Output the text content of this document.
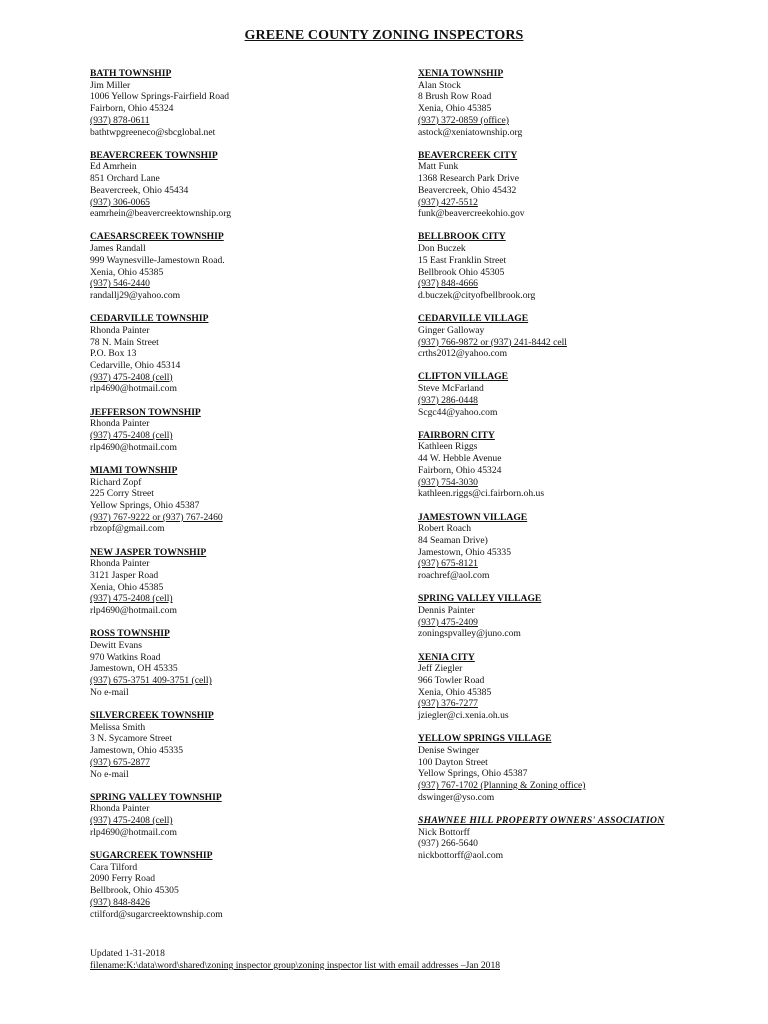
GREENE COUNTY ZONING INSPECTORS
BATH TOWNSHIP
Jim Miller
1006 Yellow Springs-Fairfield Road
Fairborn, Ohio 45324
(937) 878-0611
bathtwpgreeneco@sbcglobal.net
BEAVERCREEK TOWNSHIP
Ed Amrhein
851 Orchard Lane
Beavercreek, Ohio 45434
(937) 306-0065
eamrhein@beavercreektownship.org
CAESARSCREEK TOWNSHIP
James Randall
999 Waynesville-Jamestown Road.
Xenia, Ohio 45385
(937) 546-2440
randallj29@yahoo.com
CEDARVILLE TOWNSHIP
Rhonda Painter
78 N. Main Street
P.O. Box 13
Cedarville, Ohio 45314
(937) 475-2408 (cell)
rlp4690@hotmail.com
JEFFERSON TOWNSHIP
Rhonda Painter
(937) 475-2408 (cell)
rlp4690@hotmail.com
MIAMI TOWNSHIP
Richard Zopf
225 Corry Street
Yellow Springs, Ohio 45387
(937) 767-9222 or (937) 767-2460
rbzopf@gmail.com
NEW JASPER TOWNSHIP
Rhonda Painter
3121 Jasper Road
Xenia, Ohio 45385
(937) 475-2408 (cell)
rlp4690@hotmail.com
ROSS TOWNSHIP
Dewitt Evans
970 Watkins Road
Jamestown, OH 45335
(937) 675-3751 409-3751 (cell)
No e-mail
SILVERCREEK TOWNSHIP
Melissa Smith
3 N. Sycamore Street
Jamestown, Ohio 45335
(937) 675-2877
No e-mail
SPRING VALLEY TOWNSHIP
Rhonda Painter
(937) 475-2408 (cell)
rlp4690@hotmail.com
SUGARCREEK TOWNSHIP
Cara Tilford
2090 Ferry Road
Bellbrook, Ohio 45305
(937) 848-8426
ctilford@sugarcreektownship.com
XENIA TOWNSHIP
Alan Stock
8 Brush Row Road
Xenia, Ohio 45385
(937) 372-0859 (office)
astock@xeniatownship.org
BEAVERCREEK CITY
Matt Funk
1368 Research Park Drive
Beavercreek, Ohio 45432
(937) 427-5512
funk@beavercreekohio.gov
BELLBROOK CITY
Don Buczek
15 East Franklin Street
Bellbrook Ohio 45305
(937) 848-4666
d.buczek@cityofbellbrook.org
CEDARVILLE VILLAGE
Ginger Galloway
(937) 766-9872 or (937) 241-8442 cell
crths2012@yahoo.com
CLIFTON VILLAGE
Steve McFarland
(937) 286-0448
Scgc44@yahoo.com
FAIRBORN CITY
Kathleen Riggs
44 W. Hebble Avenue
Fairborn, Ohio 45324
(937) 754-3030
kathleen.riggs@ci.fairborn.oh.us
JAMESTOWN VILLAGE
Robert Roach
84 Seaman Drive)
Jamestown, Ohio 45335
(937) 675-8121
roachref@aol.com
SPRING VALLEY VILLAGE
Dennis Painter
(937) 475-2409
zoningspvalley@juno.com
XENIA CITY
Jeff Ziegler
966 Towler Road
Xenia, Ohio 45385
(937) 376-7277
jziegler@ci.xenia.oh.us
YELLOW SPRINGS VILLAGE
Denise Swinger
100 Dayton Street
Yellow Springs, Ohio 45387
(937) 767-1702 (Planning & Zoning office)
dswinger@yso.com
SHAWNEE HILL PROPERTY OWNERS' ASSOCIATION
Nick Bottorff
(937) 266-5640
nickbottorff@aol.com
Updated 1-31-2018
filename:K:\data\word\shared\zoning inspector group\zoning inspector list with email addresses –Jan 2018
